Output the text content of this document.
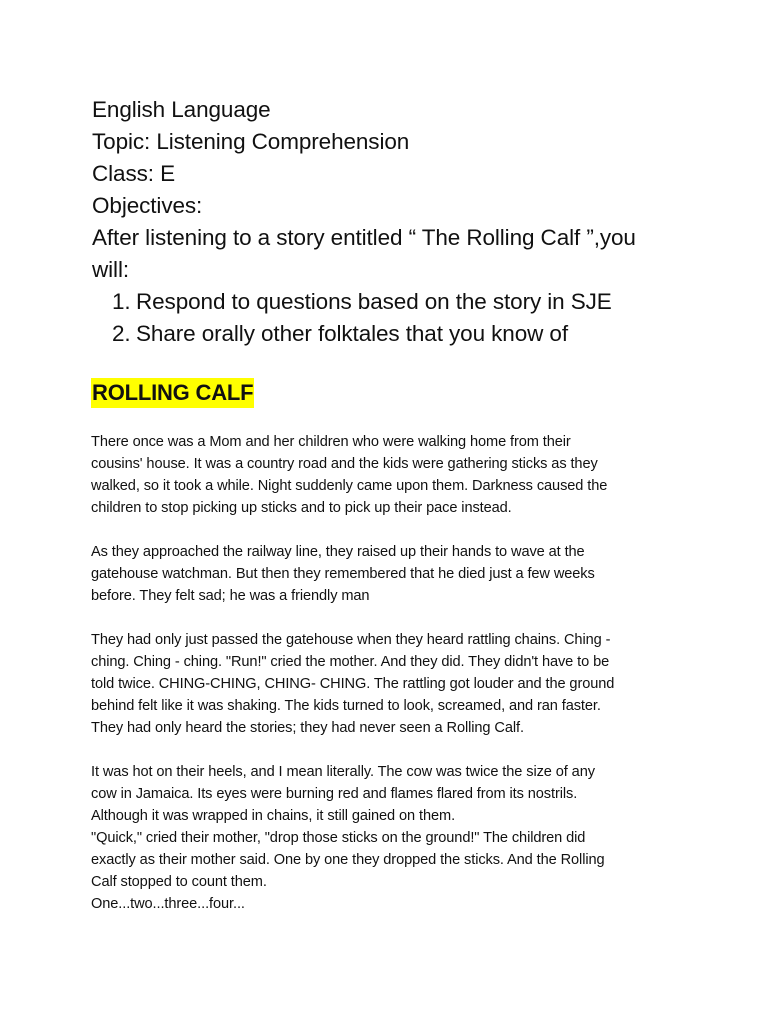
English Language
Topic: Listening Comprehension
Class: E
Objectives:
After listening to a story entitled “ The Rolling Calf ”,you
will:
1. Respond to questions based on the story in SJE
2. Share orally other folktales that you know of
ROLLING CALF
There once was a Mom and her children who were walking home from their
cousins' house. It was a country road and the kids were gathering sticks as they
walked, so it took a while. Night suddenly came upon them. Darkness caused the
children to stop picking up sticks and to pick up their pace instead.
As they approached the railway line, they raised up their hands to wave at the
gatehouse watchman. But then they remembered that he died just a few weeks
before. They felt sad; he was a friendly man
They had only just passed the gatehouse when they heard rattling chains. Ching -
ching. Ching - ching. "Run!" cried the mother. And they did. They didn't have to be
told twice. CHING-CHING, CHING- CHING. The rattling got louder and the ground
behind felt like it was shaking. The kids turned to look, screamed, and ran faster.
They had only heard the stories; they had never seen a Rolling Calf.
It was hot on their heels, and I mean literally. The cow was twice the size of any
cow in Jamaica. Its eyes were burning red and flames flared from its nostrils.
Although it was wrapped in chains, it still gained on them.
"Quick," cried their mother, "drop those sticks on the ground!" The children did
exactly as their mother said. One by one they dropped the sticks. And the Rolling
Calf stopped to count them.
One...two...three...four...
